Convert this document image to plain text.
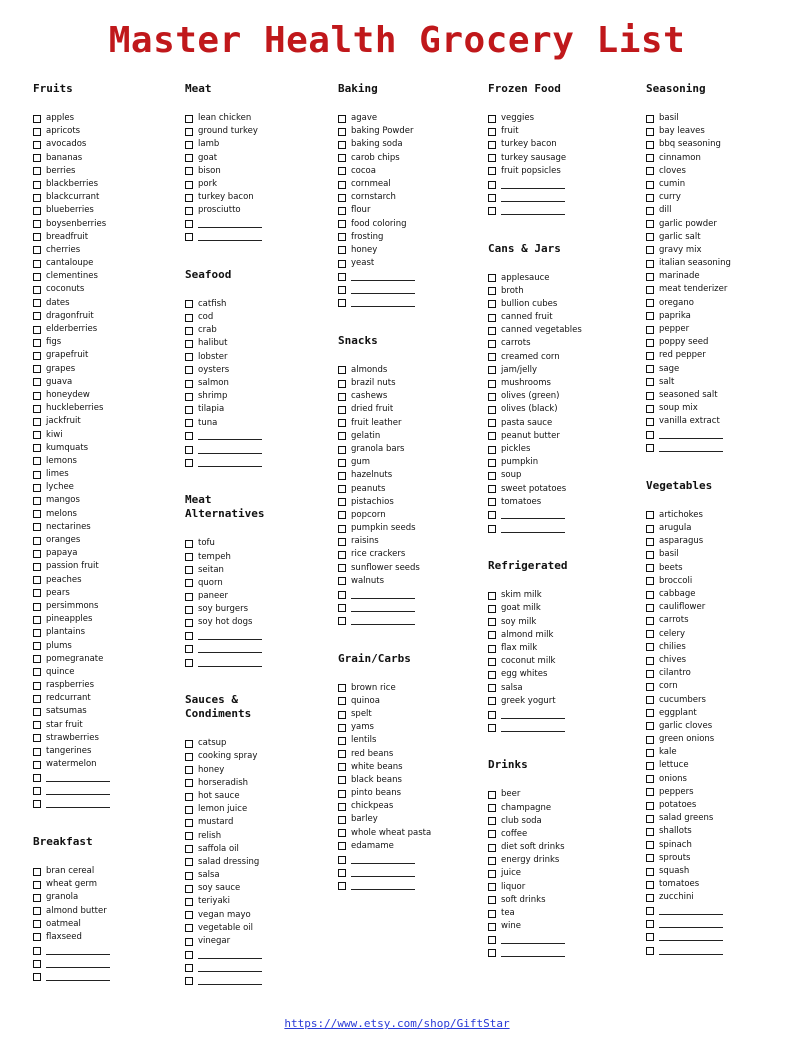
Master Health Grocery List
Fruits
apples
apricots
avocados
bananas
berries
blackberries
blackcurrant
blueberries
boysenberries
breadfruit
cherries
cantaloupe
clementines
coconuts
dates
dragonfruit
elderberries
figs
grapefruit
grapes
guava
honeydew
huckleberries
jackfruit
kiwi
kumquats
lemons
limes
lychee
mangos
melons
nectarines
oranges
papaya
passion fruit
peaches
pears
persimmons
pineapples
plantains
plums
pomegranate
quince
raspberries
redcurrant
satsumas
star fruit
strawberries
tangerines
watermelon
Breakfast
bran cereal
wheat germ
granola
almond butter
oatmeal
flaxseed
Meat
lean chicken
ground turkey
lamb
goat
bison
pork
turkey bacon
prosciutto
Seafood
catfish
cod
crab
halibut
lobster
oysters
salmon
shrimp
tilapia
tuna
Meat
Alternatives
tofu
tempeh
seitan
quorn
paneer
soy burgers
soy hot dogs
Sauces &
Condiments
catsup
cooking spray
honey
horseradish
hot sauce
lemon juice
mustard
relish
saffola oil
salad dressing
salsa
soy sauce
teriyaki
vegan mayo
vegetable oil
vinegar
Baking
agave
baking Powder
baking soda
carob chips
cocoa
cornmeal
cornstarch
flour
food coloring
frosting
honey
yeast
Snacks
almonds
brazil nuts
cashews
dried fruit
fruit leather
gelatin
granola bars
gum
hazelnuts
peanuts
pistachios
popcorn
pumpkin seeds
raisins
rice crackers
sunflower seeds
walnuts
Grain/Carbs
brown rice
quinoa
spelt
yams
lentils
red beans
white beans
black beans
pinto beans
chickpeas
barley
whole wheat pasta
edamame
Frozen Food
veggies
fruit
turkey bacon
turkey sausage
fruit popsicles
Cans & Jars
applesauce
broth
bullion cubes
canned fruit
canned vegetables
carrots
creamed corn
jam/jelly
mushrooms
olives (green)
olives (black)
pasta sauce
peanut butter
pickles
pumpkin
soup
sweet potatoes
tomatoes
Refrigerated
skim milk
goat milk
soy milk
almond milk
flax milk
coconut milk
egg whites
salsa
greek yogurt
Drinks
beer
champagne
club soda
coffee
diet soft drinks
energy drinks
juice
liquor
soft drinks
tea
wine
Seasoning
basil
bay leaves
bbq seasoning
cinnamon
cloves
cumin
curry
dill
garlic powder
garlic salt
gravy mix
italian seasoning
marinade
meat tenderizer
oregano
paprika
pepper
poppy seed
red pepper
sage
salt
seasoned salt
soup mix
vanilla extract
Vegetables
artichokes
arugula
asparagus
basil
beets
broccoli
cabbage
cauliflower
carrots
celery
chilies
chives
cilantro
corn
cucumbers
eggplant
garlic cloves
green onions
kale
lettuce
onions
peppers
potatoes
salad greens
shallots
spinach
sprouts
squash
tomatoes
zucchini
https://www.etsy.com/shop/GiftStar
